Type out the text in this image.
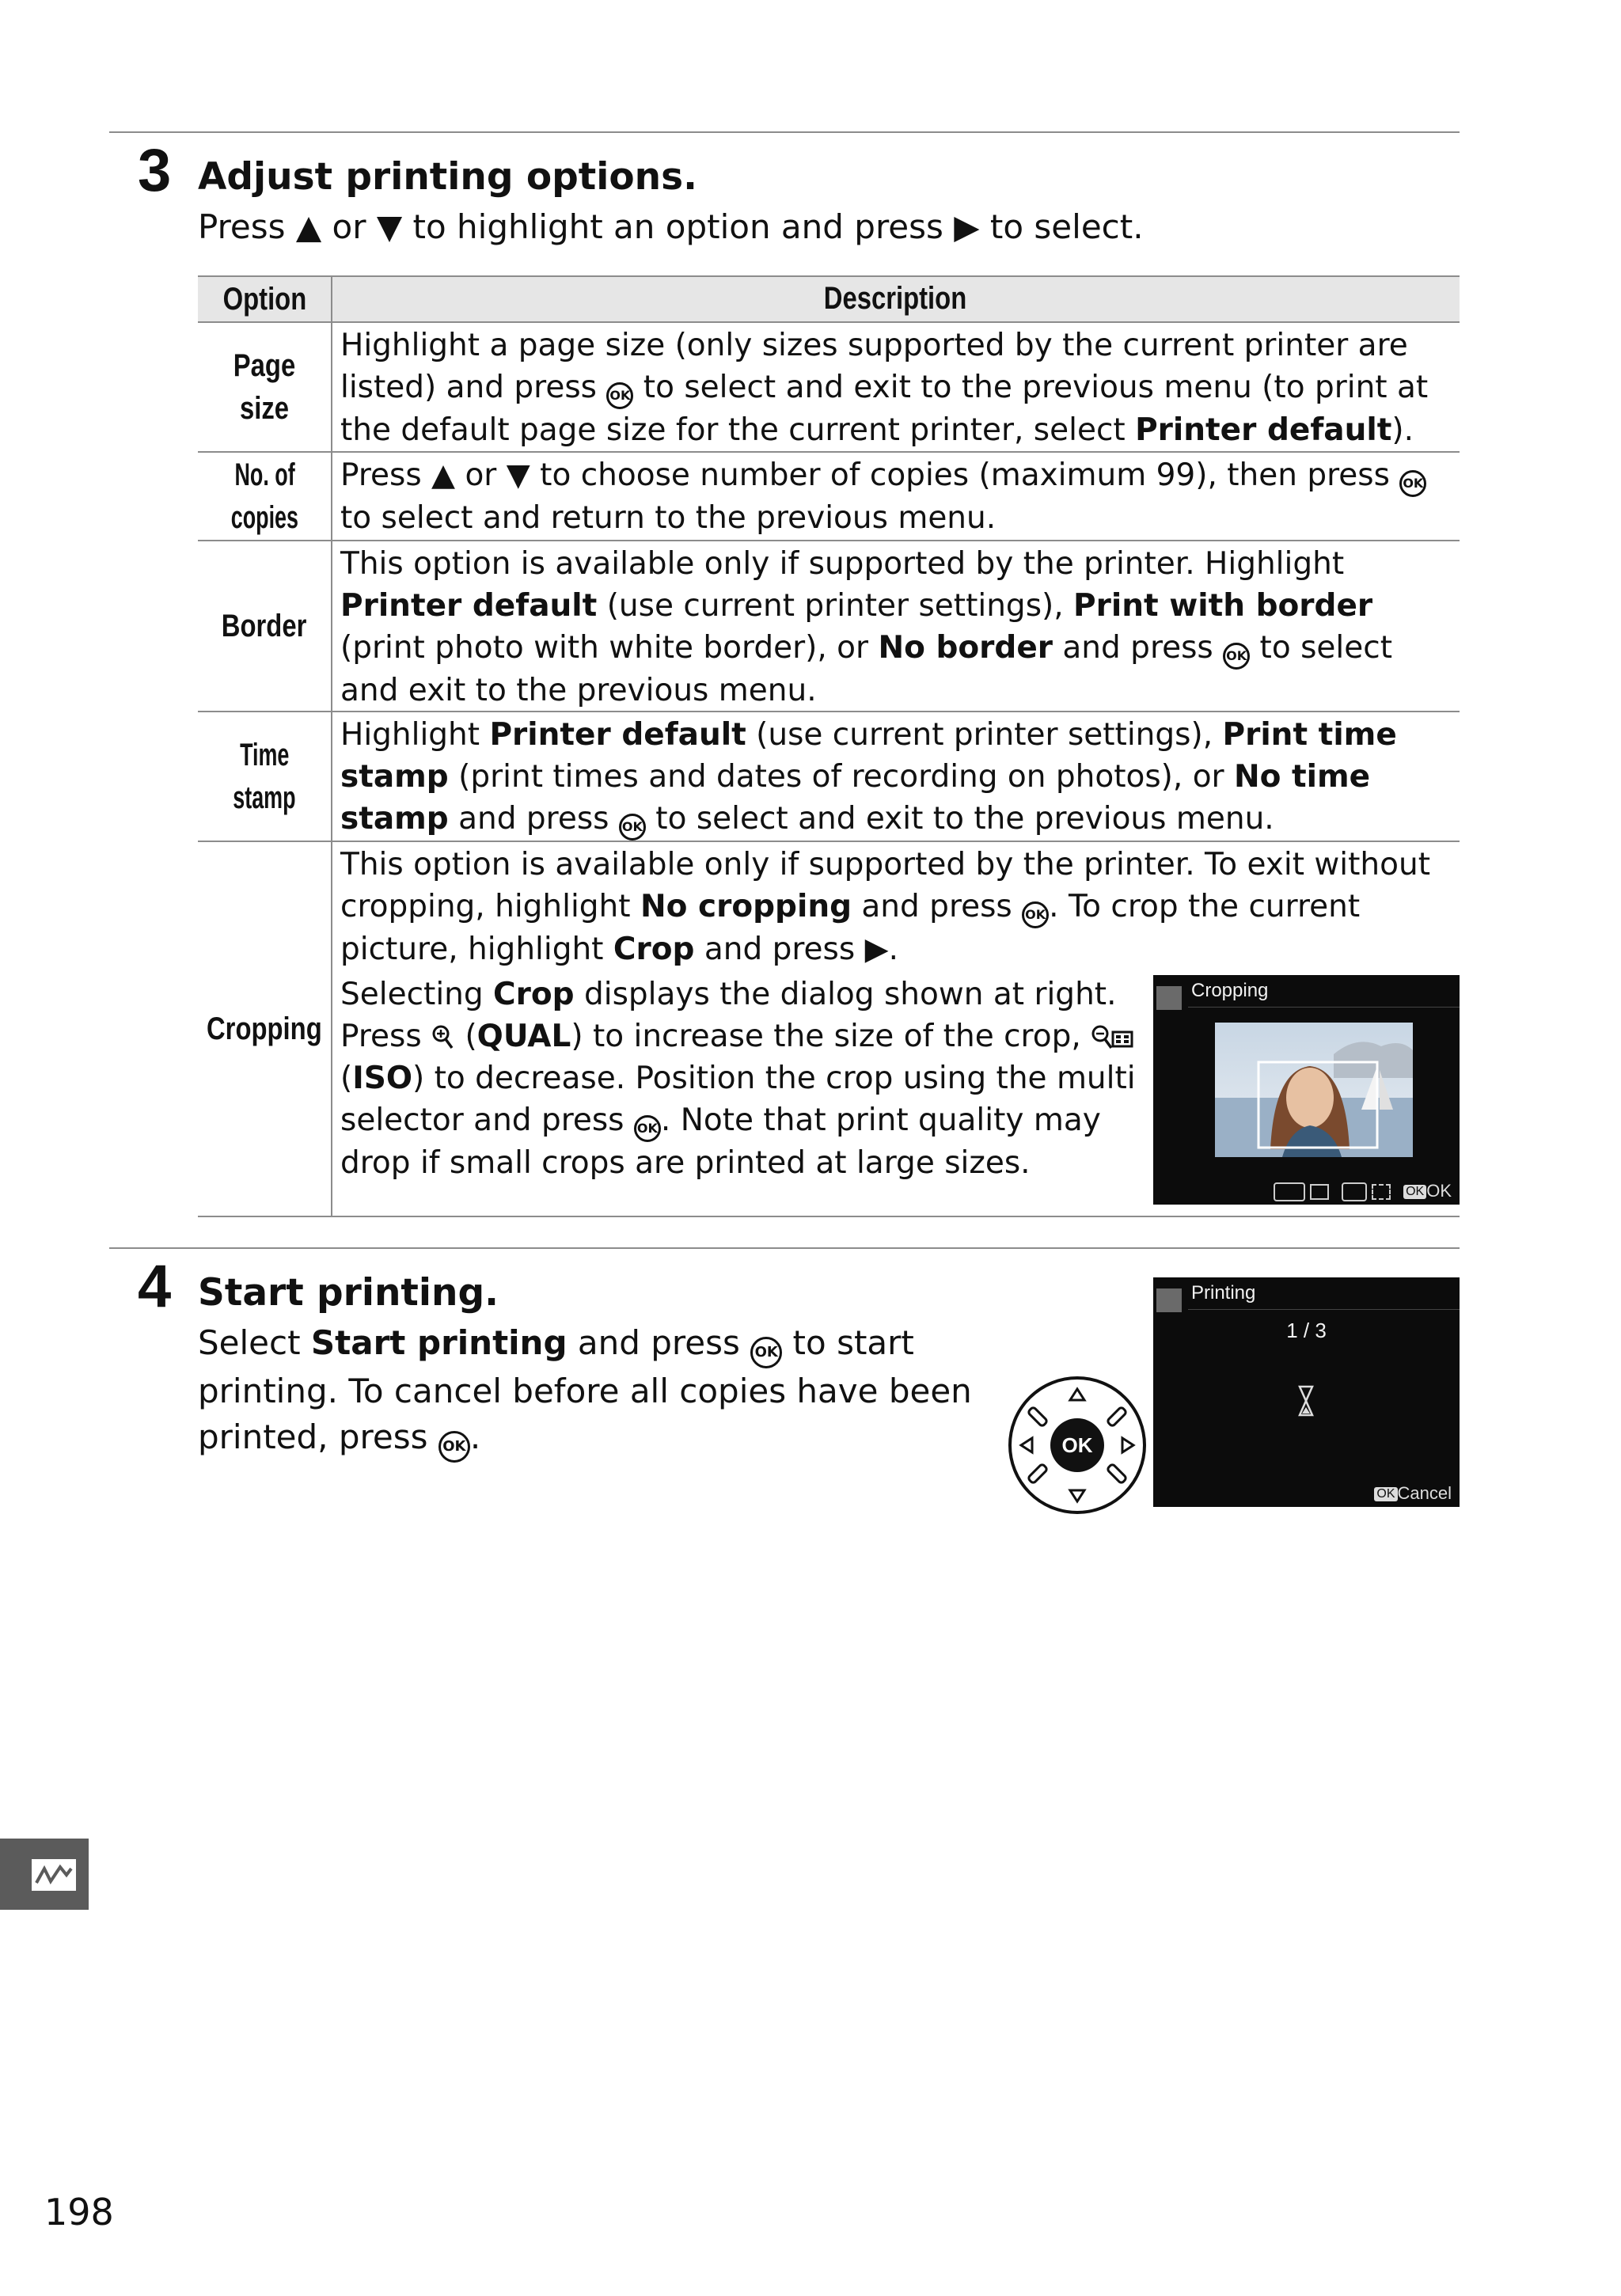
3 Adjust printing options.
Press ▲ or ▼ to highlight an option and press ▶ to select.
Option	Description
Page size
Highlight a page size (only sizes supported by the current printer are listed) and press OK to select and exit to the previous menu (to print at the default page size for the current printer, select Printer default).
No. of
copies
Press ▲ or ▼ to choose number of copies (maximum 99), then press OK to select and return to the previous menu.
Border
This option is available only if supported by the printer. Highlight Printer default (use current printer settings), Print with border (print photo with white border), or No border and press OK to select and exit to the previous menu.
Time
stamp
Highlight Printer default (use current printer settings), Print time stamp (print times and dates of recording on photos), or No time stamp and press OK to select and exit to the previous menu.
Cropping
This option is available only if supported by the printer. To exit without cropping, highlight No cropping and press OK . To crop the current picture, highlight Crop and press ▶.
Selecting Crop displays the dialog shown at right. Press  (QUAL) to increase the size of the crop,  (ISO) to decrease. Position the crop using the multi selector and press OK . Note that print quality may drop if small crops are printed at large sizes.
Cropping
OK OK
4 Start printing.
Select Start printing and press OK to start printing. To cancel before all copies have been printed, press OK .	OK
Printing
1 / 3
OK Cancel
198
